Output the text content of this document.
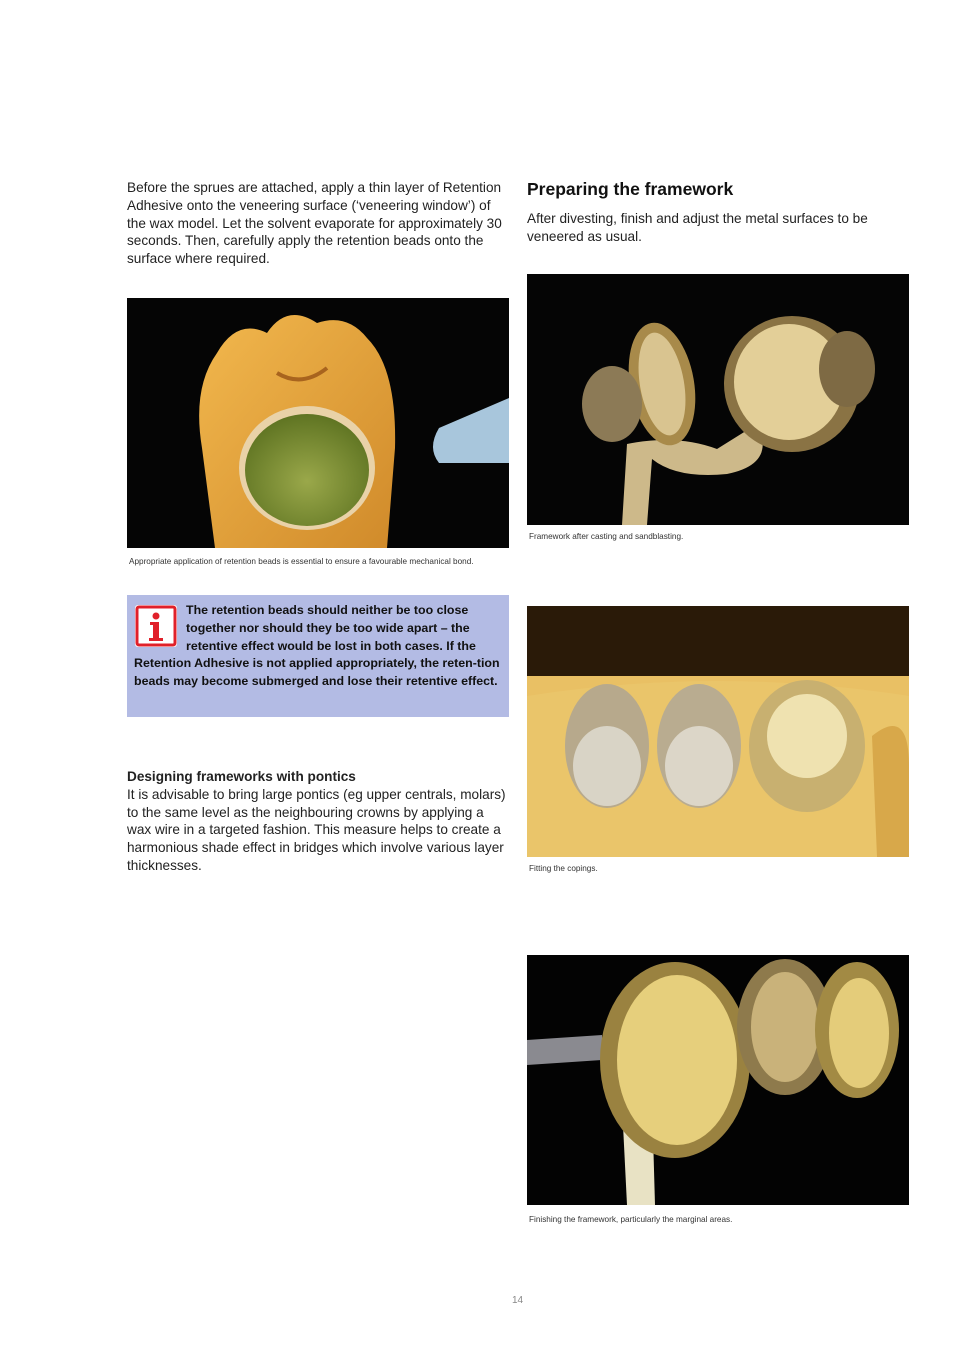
Before the sprues are attached, apply a thin layer of Retention Adhesive onto the veneering surface (‘veneering window’) of the wax model. Let the solvent evaporate for approximately 30 seconds. Then, carefully apply the retention beads onto the surface where required.
Appropriate application of retention beads is essential to ensure a favourable mechanical bond.

The retention beads should neither be too close together nor should they be too wide apart – the retentive effect would be lost in both cases. If the Retention Adhesive is not applied appropriately, the reten-tion beads may become submerged and lose their retentive effect.

Designing frameworks with pontics
It is advisable to bring large pontics (eg upper centrals, molars) to the same level as the neighbouring crowns by applying a wax wire in a targeted fashion. This measure helps to create a harmonious shade effect in bridges which involve various layer thicknesses.
Preparing the framework
After divesting, finish and adjust the metal surfaces to be veneered as usual.
Framework after casting and sandblasting.
Fitting the copings.
Finishing the framework, particularly the marginal areas.
14
